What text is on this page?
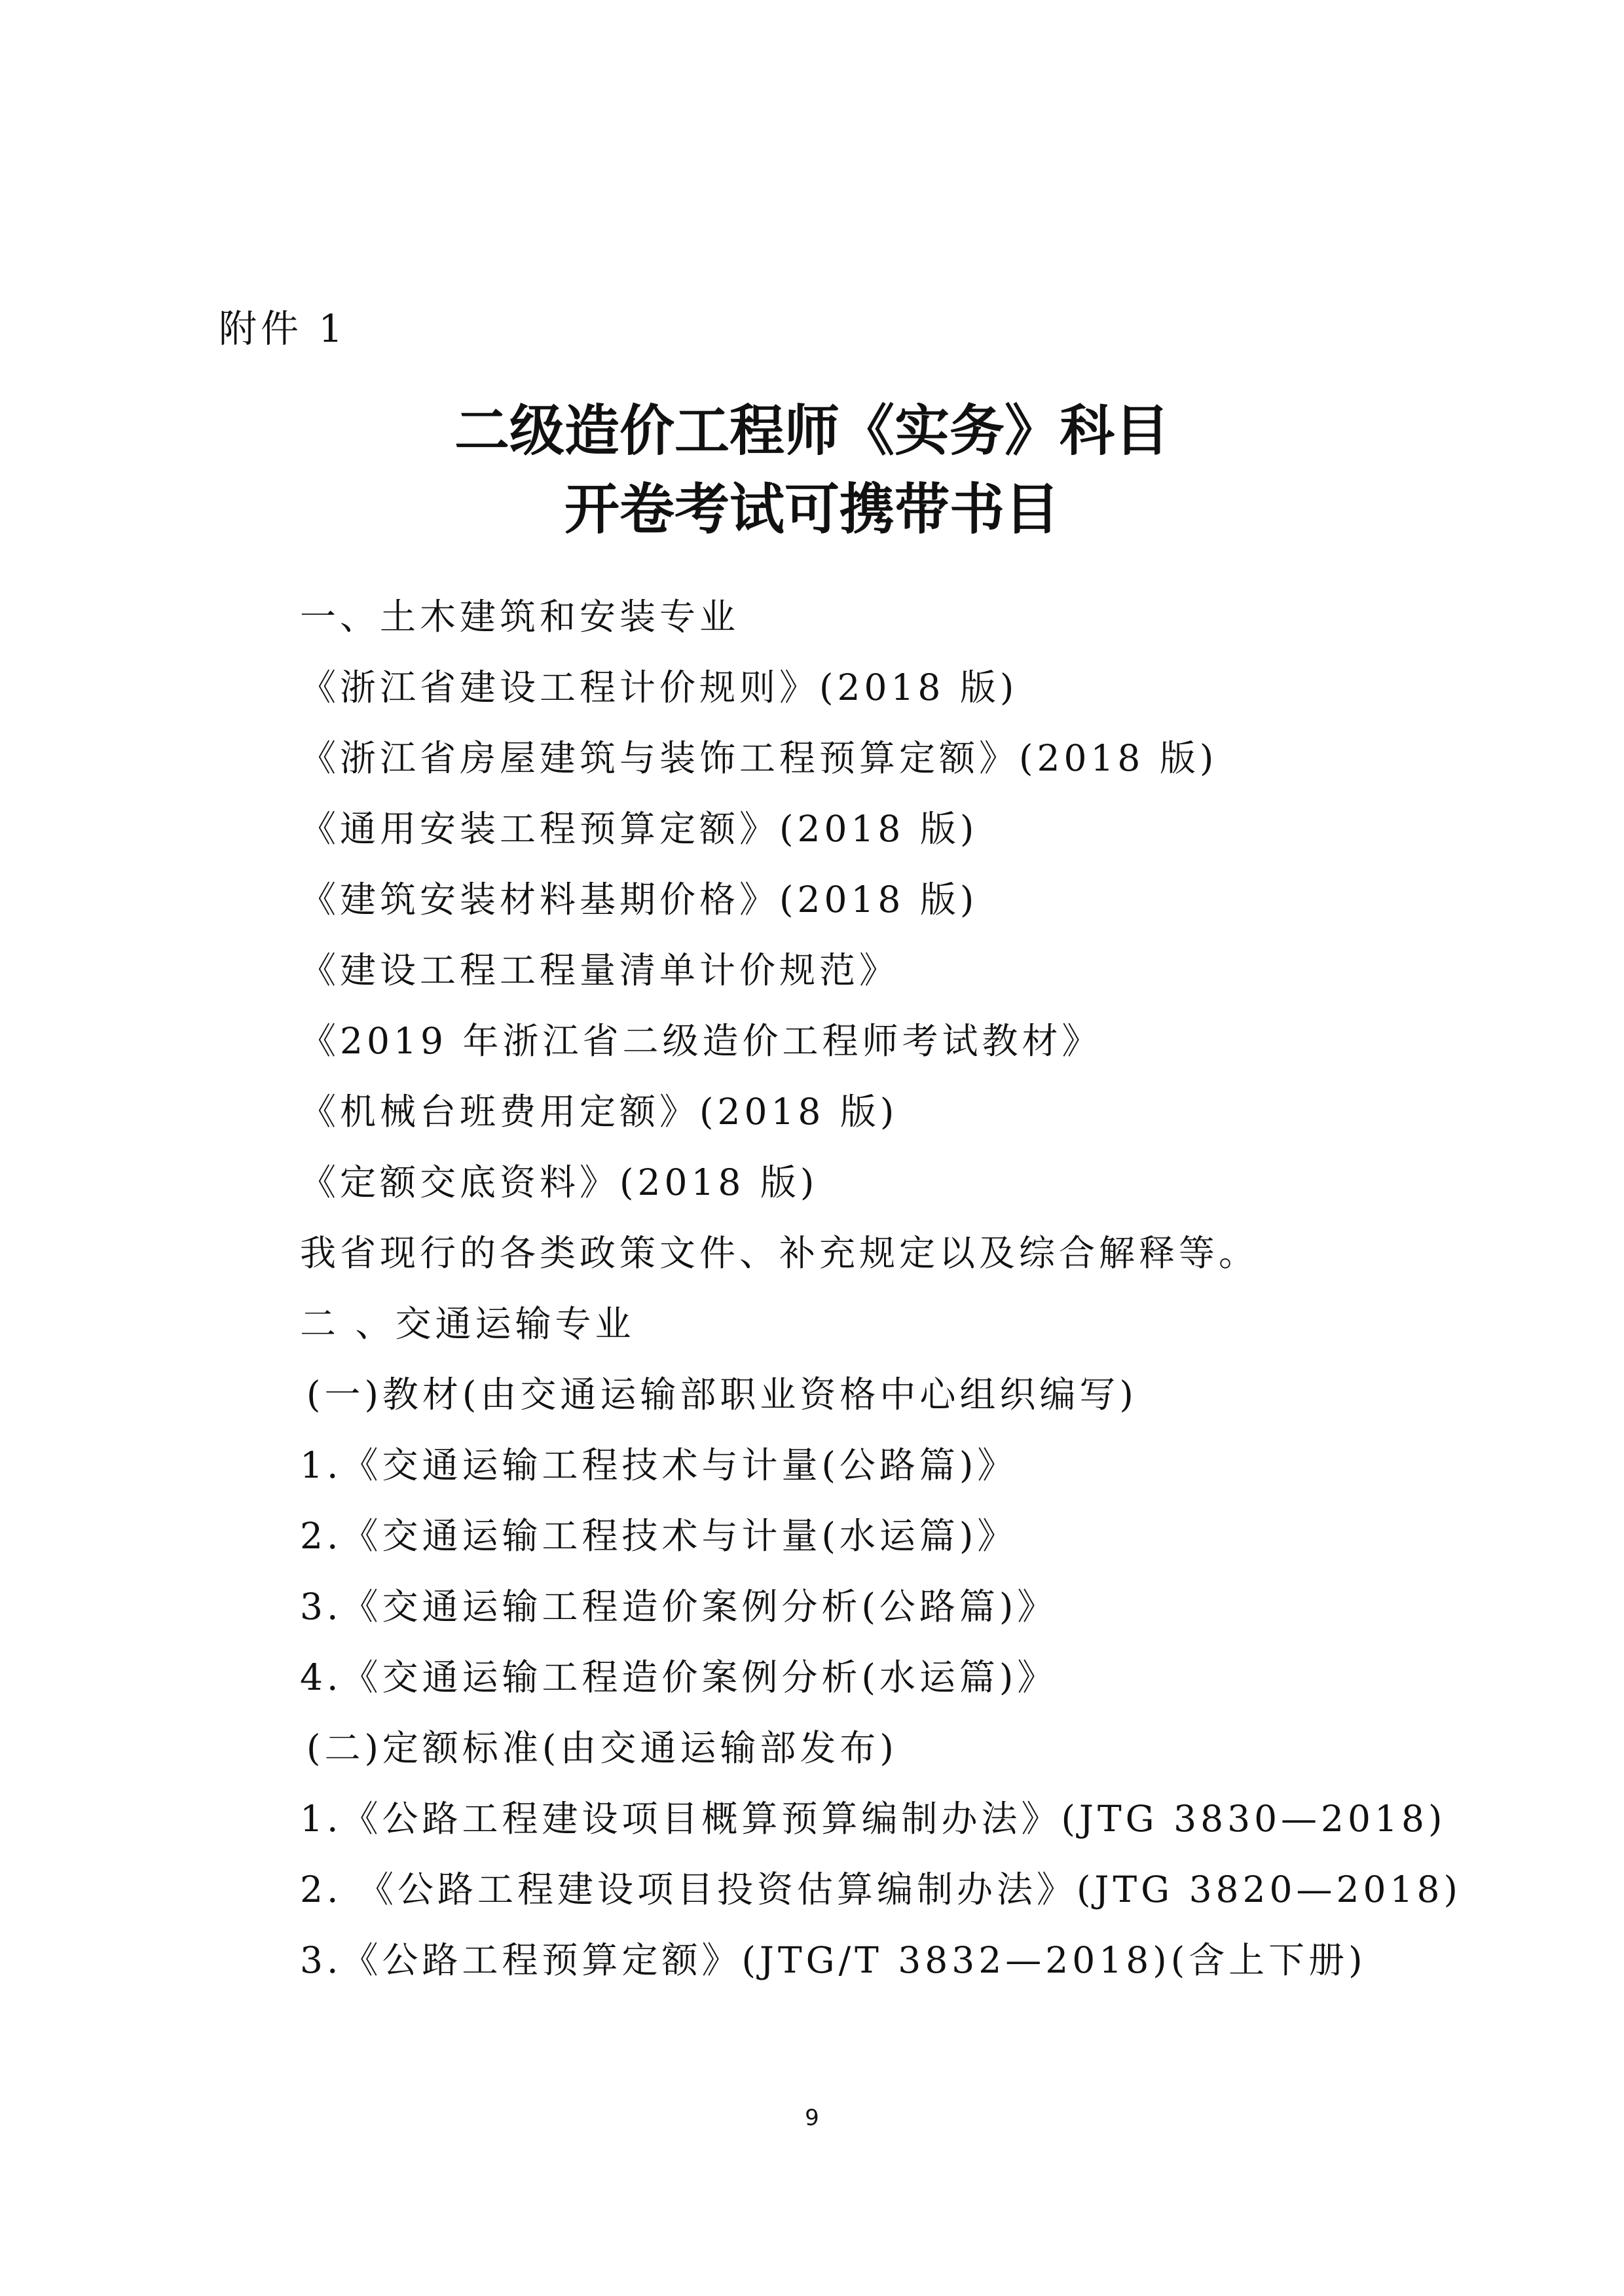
附件 1
二级造价工程师《实务》科目
开卷考试可携带书目
一、土木建筑和安装专业
《浙江省建设工程计价规则》(2018 版)
《浙江省房屋建筑与装饰工程预算定额》(2018 版)
《通用安装工程预算定额》(2018 版)
《建筑安装材料基期价格》(2018 版)
《建设工程工程量清单计价规范》
《2019 年浙江省二级造价工程师考试教材》
《机械台班费用定额》(2018 版)
《定额交底资料》(2018 版)
我省现行的各类政策文件、补充规定以及综合解释等。
二 、交通运输专业
(一)教材(由交通运输部职业资格中心组织编写)
1.《交通运输工程技术与计量(公路篇)》
2.《交通运输工程技术与计量(水运篇)》
3.《交通运输工程造价案例分析(公路篇)》
4.《交通运输工程造价案例分析(水运篇)》
(二)定额标准(由交通运输部发布)
1.《公路工程建设项目概算预算编制办法》(JTG 3830—2018)
2. 《公路工程建设项目投资估算编制办法》(JTG 3820—2018)
3.《公路工程预算定额》(JTG/T 3832—2018)(含上下册)
9
